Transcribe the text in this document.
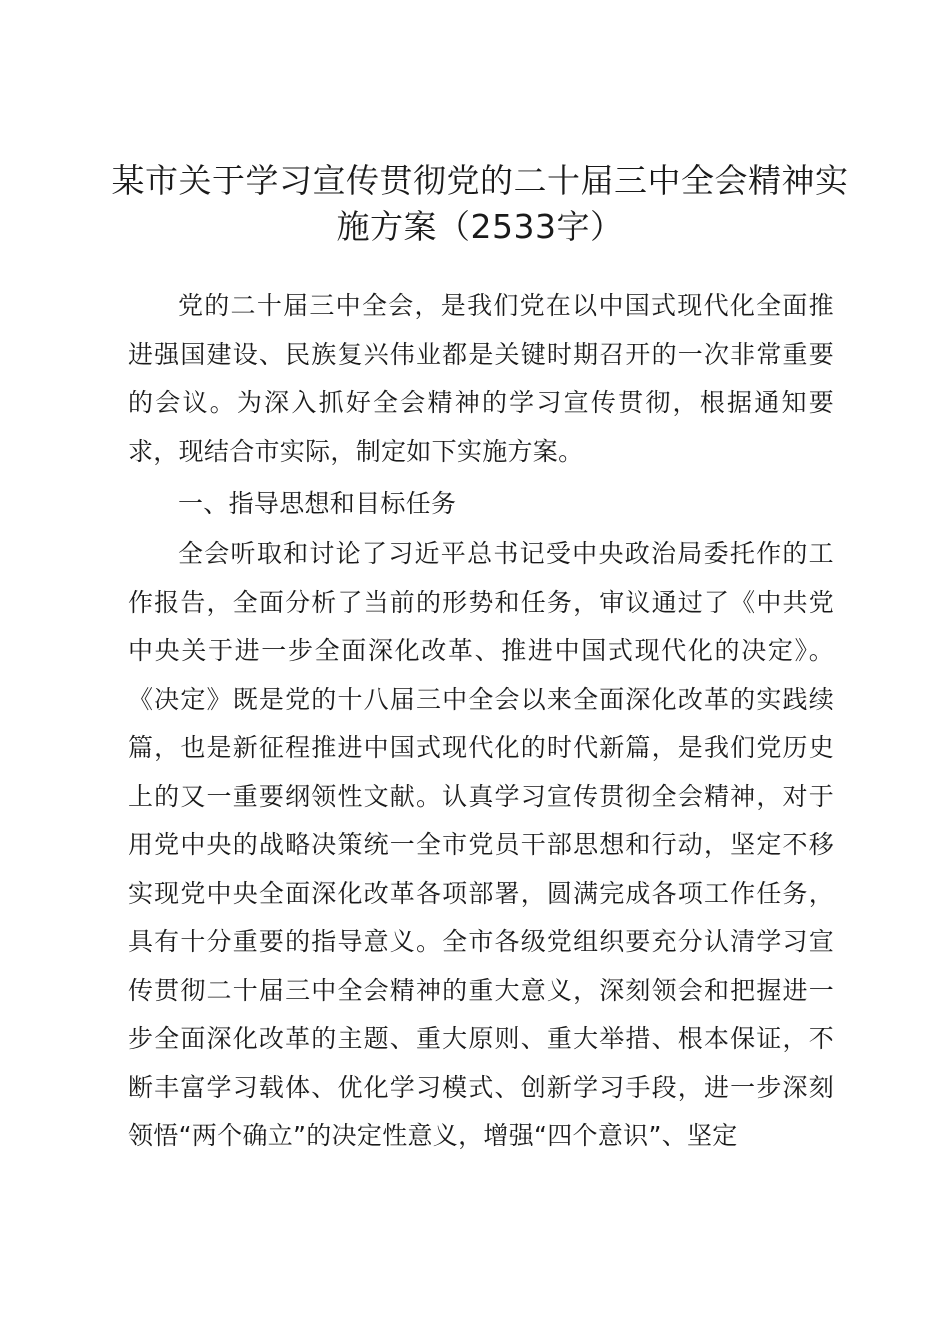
某市关于学习宣传贯彻党的二十届三中全会精神实施方案（2533字）

党的二十届三中全会，是我们党在以中国式现代化全面推进强国建设、民族复兴伟业都是关键时期召开的一次非常重要的会议。为深入抓好全会精神的学习宣传贯彻，根据通知要求，现结合市实际，制定如下实施方案。

一、指导思想和目标任务

全会听取和讨论了习近平总书记受中央政治局委托作的工作报告，全面分析了当前的形势和任务，审议通过了《中共党中央关于进一步全面深化改革、推进中国式现代化的决定》。《决定》既是党的十八届三中全会以来全面深化改革的实践续篇，也是新征程推进中国式现代化的时代新篇，是我们党历史上的又一重要纲领性文献。认真学习宣传贯彻全会精神，对于用党中央的战略决策统一全市党员干部思想和行动，坚定不移实现党中央全面深化改革各项部署，圆满完成各项工作任务，具有十分重要的指导意义。全市各级党组织要充分认清学习宣传贯彻二十届三中全会精神的重大意义，深刻领会和把握进一步全面深化改革的主题、重大原则、重大举措、根本保证，不断丰富学习载体、优化学习模式、创新学习手段，进一步深刻领悟“两个确立”的决定性意义，增强“四个意识”、坚定
